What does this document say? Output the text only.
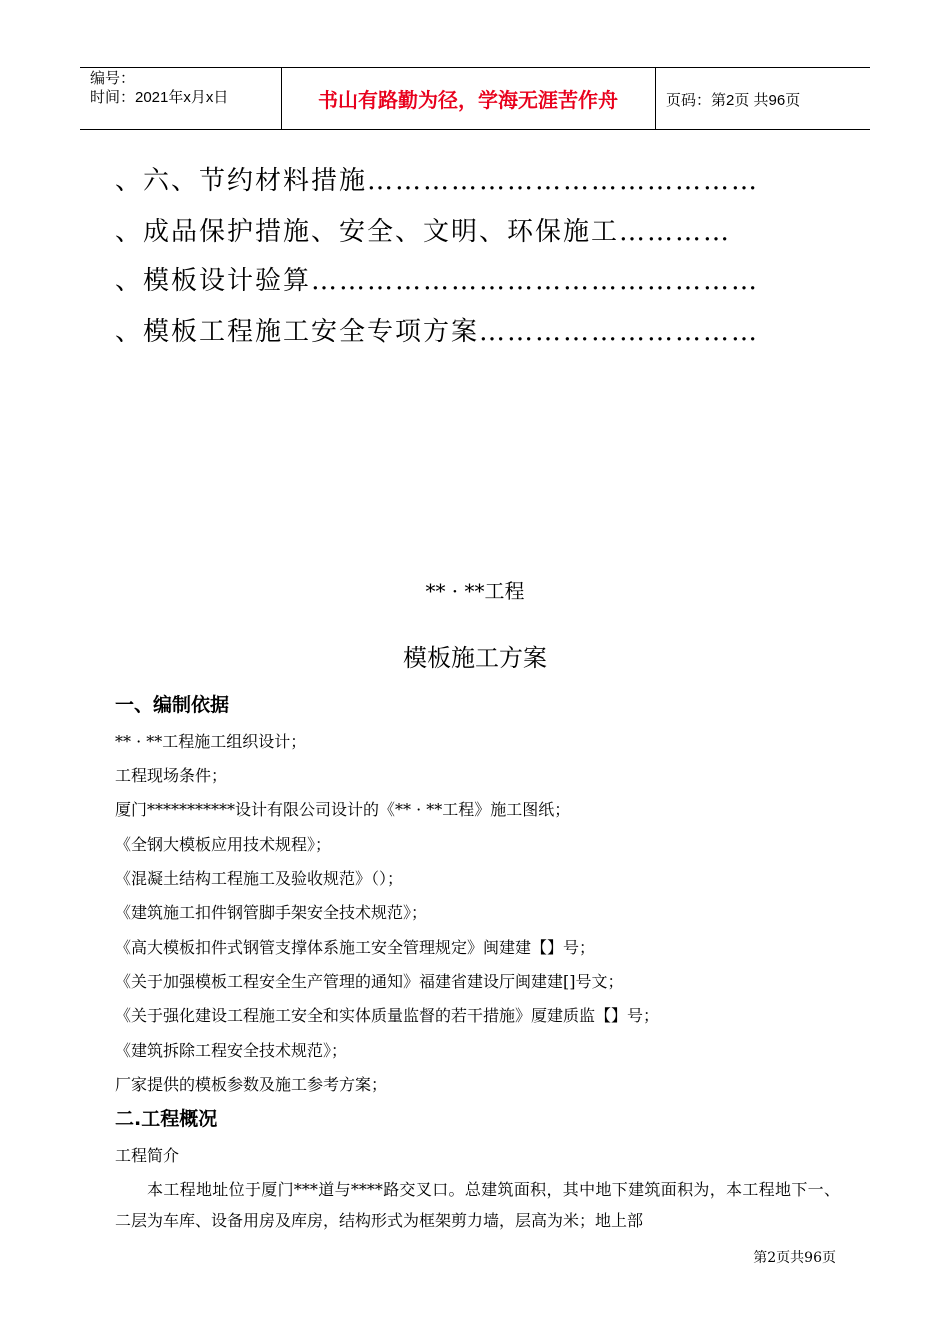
编号：
时间：2021年x月x日	书山有路勤为径，学海无涯苦作舟	页码：第2页 共96页
、六、节约材料措施……………………………………
、成品保护措施、安全、文明、环保施工…………
、模板设计验算…………………………………………
、模板工程施工安全专项方案…………………………
** · **工程
模板施工方案
一、编制依据
** · **工程施工组织设计；
工程现场条件；
厦门***********设计有限公司设计的《** · **工程》施工图纸；
《全钢大模板应用技术规程》；
《混凝土结构工程施工及验收规范》（）；
《建筑施工扣件钢管脚手架安全技术规范》；
《高大模板扣件式钢管支撑体系施工安全管理规定》闽建建【】号；
《关于加强模板工程安全生产管理的通知》福建省建设厅闽建建[]号文；
《关于强化建设工程施工安全和实体质量监督的若干措施》厦建质监【】号；
《建筑拆除工程安全技术规范》；
厂家提供的模板参数及施工参考方案；
二.工程概况
工程简介
本工程地址位于厦门***道与****路交叉口。总建筑面积，其中地下建筑面积为，本工程地下一、二层为车库、设备用房及库房，结构形式为框架剪力墙，层高为米；地上部
第2页共96页
